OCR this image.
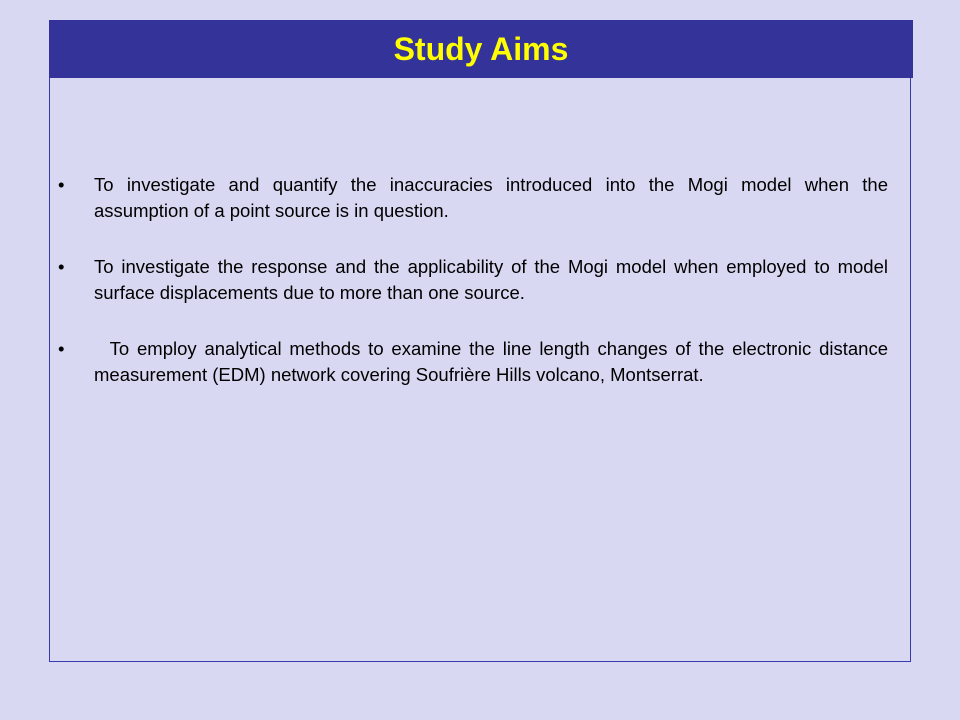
Study Aims
• To investigate and quantify the inaccuracies introduced into the Mogi model when the assumption of a point source is in question.
• To investigate the response and the applicability of the Mogi model when employed to model surface displacements due to more than one source.
• To employ analytical methods to examine the line length changes of the electronic distance measurement (EDM) network covering Soufrière Hills volcano, Montserrat.
